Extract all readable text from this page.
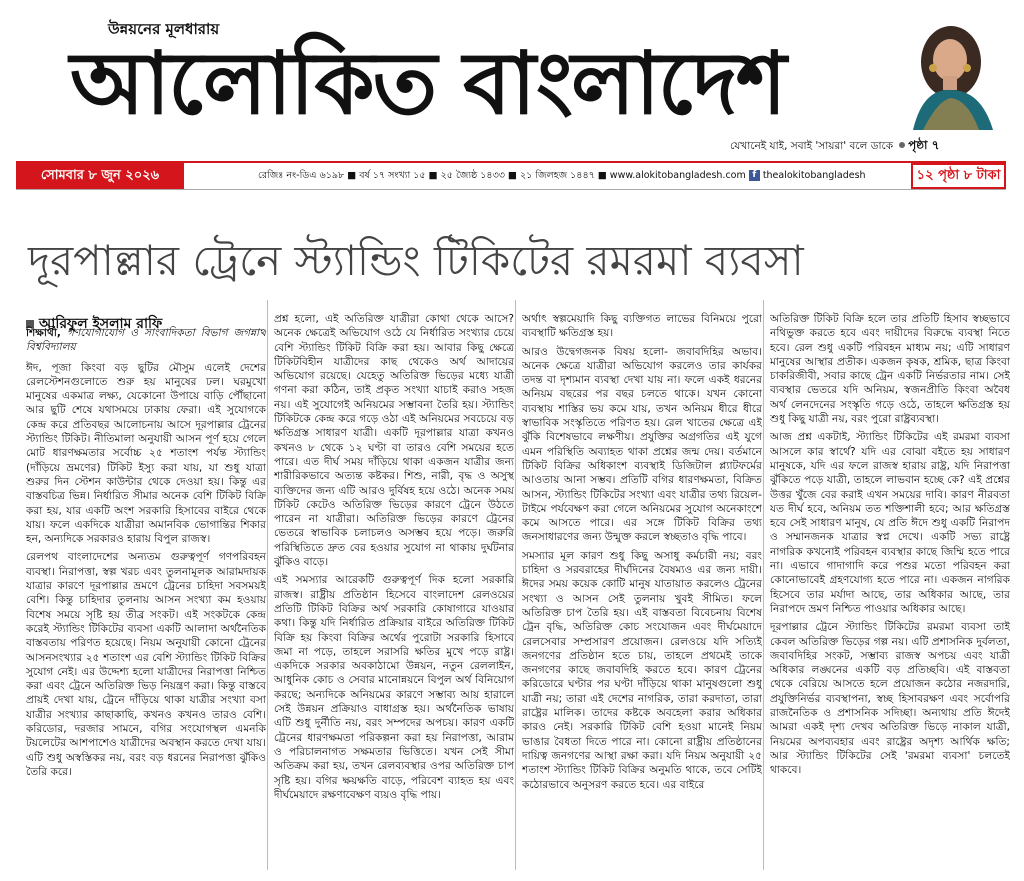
উন্নয়নের মূলধারায়
আলোকিত বাংলাদেশ
যেখানেই যাই, সবাই 'সায়রা' বলে ডাকে পৃষ্ঠা ৭
সোমবার ৮ জুন ২০২৬	রেজিঃ নং-ডিএ ৬১৯৮ ■ বর্ষ ১৭ সংখ্যা ১৫ ■ ২৫ জ্যৈষ্ঠ ১৪৩৩ ■ ২১ জিলহজ ১৪৪৭ ■ www.alokitobangladesh.com f thealokitobangladesh	১২ পৃষ্ঠা ৮ টাকা
দূরপাল্লার ট্রেনে স্ট্যান্ডিং টিকিটের রমরমা ব্যবসা
আরিফুল ইসলাম রাফি

শিক্ষার্থী, গণযোগাযোগ ও সাংবাদিকতা বিভাগ জগন্নাথ বিশ্ববিদ্যালয়

ঈদ, পূজা কিংবা বড় ছুটির মৌসুম এলেই দেশের রেলস্টেশনগুলোতে শুরু হয় মানুষের ঢল। ঘরমুখো মানুষের একমাত্র লক্ষ্য, যেকোনো উপায়ে বাড়ি পৌঁছানো আর ছুটি শেষে যথাসময়ে ঢাকায় ফেরা। এই সুযোগকে কেন্দ্র করে প্রতিবছর আলোচনায় আসে দূরপাল্লার ট্রেনের স্ট্যান্ডিং টিকিট। নীতিমালা অনুযায়ী আসন পূর্ণ হয়ে গেলে মোট ধারণক্ষমতার সর্বোচ্চ ২৫ শতাংশ পর্যন্ত স্ট্যান্ডিং (দাঁড়িয়ে ভ্রমণের) টিকিট ইস্যু করা যায়, যা শুধু যাত্রা শুরুর দিন স্টেশন কাউন্টার থেকে দেওয়া হয়। কিন্তু এর বাস্তবচিত্র ভিন্ন। নির্ধারিত সীমার অনেক বেশি টিকিট বিক্রি করা হয়, যার একটি অংশ সরকারি হিসাবের বাইরে থেকে যায়। ফলে একদিকে যাত্রীরা অমানবিক ভোগান্তির শিকার হন, অন্যদিকে সরকারও হারায় বিপুল রাজস্ব।

রেলপথ বাংলাদেশের অন্যতম গুরুত্বপূর্ণ গণপরিবহন ব্যবস্থা। নিরাপত্তা, স্বল্প খরচ এবং তুলনামূলক আরামদায়ক যাত্রার কারণে দূরপাল্লার ভ্রমণে ট্রেনের চাহিদা সবসময়ই বেশি। কিন্তু চাহিদার তুলনায় আসন সংখ্যা কম হওয়ায় বিশেষ সময়ে সৃষ্টি হয় তীব্র সংকট। এই সংকটকে কেন্দ্র করেই স্ট্যান্ডিং টিকিটের ব্যবসা একটি আলাদা অর্থনৈতিক বাস্তবতায় পরিণত হয়েছে। নিয়ম অনুযায়ী কোনো ট্রেনের আসনসংখ্যার ২৫ শতাংশ এর বেশি স্ট্যান্ডিং টিকিট বিক্রির সুযোগ নেই। এর উদ্দেশ্য হলো যাত্রীদের নিরাপত্তা নিশ্চিত করা এবং ট্রেনে অতিরিক্ত ভিড় নিয়ন্ত্রণ করা। কিন্তু বাস্তবে প্রায়ই দেখা যায়, ট্রেনে দাঁড়িয়ে থাকা যাত্রীর সংখ্যা বসা যাত্রীর সংখ্যার কাছাকাছি, কখনও কখনও তারও বেশি। করিডোর, দরজার সামনে, বগির সংযোগস্থল এমনকি টয়লেটের আশপাশেও যাত্রীদের অবস্থান করতে দেখা যায়। এটি শুধু অস্বস্তিকর নয়, বরং বড় ধরনের নিরাপত্তা ঝুঁকিও তৈরি করে।

প্রশ্ন হলো, এই অতিরিক্ত যাত্রীরা কোথা থেকে আসে? অনেক ক্ষেত্রেই অভিযোগ ওঠে যে নির্ধারিত সংখ্যার চেয়ে বেশি স্ট্যান্ডিং টিকিট বিক্রি করা হয়। আবার কিছু ক্ষেত্রে টিকিটবিহীন যাত্রীদের কাছ থেকেও অর্থ আদায়ের অভিযোগ রয়েছে। যেহেতু অতিরিক্ত ভিড়ের মধ্যে যাত্রী গণনা করা কঠিন, তাই প্রকৃত সংখ্যা যাচাই করাও সহজ নয়। এই সুযোগেই অনিয়মের সম্ভাবনা তৈরি হয়। স্ট্যান্ডিং টিকিটকে কেন্দ্র করে গড়ে ওঠা এই অনিয়মের সবচেয়ে বড় ক্ষতিগ্রস্ত সাধারণ যাত্রী। একটি দূরপাল্লার যাত্রা কখনও কখনও ৮ থেকে ১২ ঘণ্টা বা তারও বেশি সময়ের হতে পারে। এত দীর্ঘ সময় দাঁড়িয়ে থাকা একজন যাত্রীর জন্য শারীরিকভাবে অত্যন্ত কষ্টকর। শিশু, নারী, বৃদ্ধ ও অসুস্থ ব্যক্তিদের জন্য এটি আরও দুর্বিষহ হয়ে ওঠে। অনেক সময় টিকিট কেটেও অতিরিক্ত ভিড়ের কারণে ট্রেনে উঠতে পারেন না যাত্রীরা। অতিরিক্ত ভিড়ের কারণে ট্রেনের ভেতরে স্বাভাবিক চলাচলও অসম্ভব হয়ে পড়ে। জরুরি পরিস্থিতিতে দ্রুত বের হওয়ার সুযোগ না থাকায় দুর্ঘটনার ঝুঁকিও বাড়ে।

এই সমস্যার আরেকটি গুরুত্বপূর্ণ দিক হলো সরকারি রাজস্ব। রাষ্ট্রীয় প্রতিষ্ঠান হিসেবে বাংলাদেশ রেলওয়ের প্রতিটি টিকিট বিক্রির অর্থ সরকারি কোষাগারে যাওয়ার কথা। কিন্তু যদি নির্ধারিত প্রক্রিয়ার বাইরে অতিরিক্ত টিকিট বিক্রি হয় কিংবা বিক্রির অর্থের পুরোটা সরকারি হিসাবে জমা না পড়ে, তাহলে সরাসরি ক্ষতির মুখে পড়ে রাষ্ট্র। একদিকে সরকার অবকাঠামো উন্নয়ন, নতুন রেললাইন, আধুনিক কোচ ও সেবার মানোন্নয়নে বিপুল অর্থ বিনিয়োগ করছে; অন্যদিকে অনিয়মের কারণে সম্ভাব্য আয় হারালে সেই উন্নয়ন প্রক্রিয়াও বাধাগ্রস্ত হয়। অর্থনৈতিক ভাষায় এটি শুধু দুর্নীতি নয়, বরং সম্পদের অপচয়। কারণ একটি ট্রেনের ধারণক্ষমতা পরিকল্পনা করা হয় নিরাপত্তা, আরাম ও পরিচালনাগত সক্ষমতার ভিত্তিতে। যখন সেই সীমা অতিক্রম করা হয়, তখন রেলব্যবস্থার ওপর অতিরিক্ত চাপ সৃষ্টি হয়। বগির ক্ষয়ক্ষতি বাড়ে, পরিবেশ ব্যাহত হয় এবং দীর্ঘমেয়াদে রক্ষণাবেক্ষণ ব্যয়ও বৃদ্ধি পায়।

অর্থাৎ স্বল্পমেয়াদি কিছু ব্যক্তিগত লাভের বিনিময়ে পুরো ব্যবস্থাটি ক্ষতিগ্রস্ত হয়।

আরও উদ্বেগজনক বিষয় হলো- জবাবদিহির অভাব। অনেক ক্ষেত্রে যাত্রীরা অভিযোগ করলেও তার কার্যকর তদন্ত বা দৃশ্যমান ব্যবস্থা দেখা যায় না। ফলে একই ধরনের অনিয়ম বছরের পর বছর চলতে থাকে। যখন কোনো ব্যবস্থায় শাস্তির ভয় কমে যায়, তখন অনিয়ম ধীরে ধীরে স্বাভাবিক সংস্কৃতিতে পরিণত হয়। রেল খাতের ক্ষেত্রে এই ঝুঁকি বিশেষভাবে লক্ষণীয়। প্রযুক্তির অগ্রগতির এই যুগে এমন পরিস্থিতি অব্যাহত থাকা প্রশ্নের জন্ম দেয়। বর্তমানে টিকিট বিক্রির অধিকাংশ ব্যবস্থাই ডিজিটাল প্ল্যাটফর্মের আওতায় আনা সম্ভব। প্রতিটি বগির ধারণক্ষমতা, বিক্রিত আসন, স্ট্যান্ডিং টিকিটের সংখ্যা এবং যাত্রীর তথ্য রিয়েল-টাইমে পর্যবেক্ষণ করা গেলে অনিয়মের সুযোগ অনেকাংশে কমে আসতে পারে। এর সঙ্গে টিকিট বিক্রির তথ্য জনসাধারণের জন্য উন্মুক্ত করলে স্বচ্ছতাও বৃদ্ধি পাবে।

সমস্যার মূল কারণ শুধু কিছু অসাধু কর্মচারী নয়; বরং চাহিদা ও সরবরাহের দীর্ঘদিনের বৈষম্যও এর জন্য দায়ী। ঈদের সময় কয়েক কোটি মানুষ যাতায়াত করলেও ট্রেনের সংখ্যা ও আসন সেই তুলনায় খুবই সীমিত। ফলে অতিরিক্ত চাপ তৈরি হয়। এই বাস্তবতা বিবেচনায় বিশেষ ট্রেন বৃদ্ধি, অতিরিক্ত কোচ সংযোজন এবং দীর্ঘমেয়াদে রেলসেবার সম্প্রসারণ প্রয়োজন। রেলওয়ে যদি সত্যিই জনগণের প্রতিষ্ঠান হতে চায়, তাহলে প্রথমেই তাকে জনগণের কাছে জবাবদিহি করতে হবে। কারণ ট্রেনের করিডোরে ঘণ্টার পর ঘণ্টা দাঁড়িয়ে থাকা মানুষগুলো শুধু যাত্রী নয়; তারা এই দেশের নাগরিক, তারা করদাতা, তারা রাষ্ট্রের মালিক। তাদের কষ্টকে অবহেলা করার অধিকার কারও নেই। সরকারি টিকিট বেশি হওয়া মানেই নিয়ম ভাঙার বৈধতা দিতে পারে না। কোনো রাষ্ট্রীয় প্রতিষ্ঠানের দায়িত্ব জনগণের আস্থা রক্ষা করা। যদি নিয়ম অনুযায়ী ২৫ শতাংশ স্ট্যান্ডিং টিকিট বিক্রির অনুমতি থাকে, তবে সেটিই কঠোরভাবে অনুসরণ করতে হবে। এর বাইরে

অতিরিক্ত টিকিট বিক্রি হলে তার প্রতিটি হিসাব স্বচ্ছভাবে নথিভুক্ত করতে হবে এবং দায়ীদের বিরুদ্ধে ব্যবস্থা নিতে হবে। রেল শুধু একটি পরিবহন মাধ্যম নয়; এটি সাধারণ মানুষের আস্থার প্রতীক। একজন কৃষক, শ্রমিক, ছাত্র কিংবা চাকরিজীবী, সবার কাছে ট্রেন একটি নির্ভরতার নাম। সেই ব্যবস্থার ভেতরে যদি অনিয়ম, স্বজনপ্রীতি কিংবা অবৈধ অর্থ লেনদেনের সংস্কৃতি গড়ে ওঠে, তাহলে ক্ষতিগ্রস্ত হয় শুধু কিছু যাত্রী নয়, বরং পুরো রাষ্ট্রব্যবস্থা।

আজ প্রশ্ন একটাই, স্ট্যান্ডিং টিকিটের এই রমরমা ব্যবসা আসলে কার স্বার্থে? যদি এর বোঝা বইতে হয় সাধারণ মানুষকে, যদি এর ফলে রাজস্ব হারায় রাষ্ট্র, যদি নিরাপত্তা ঝুঁকিতে পড়ে যাত্রী, তাহলে লাভবান হচ্ছে কে? এই প্রশ্নের উত্তর খুঁজে বের করাই এখন সময়ের দাবি। কারণ নীরবতা যত দীর্ঘ হবে, অনিয়ম তত শক্তিশালী হবে; আর ক্ষতিগ্রস্ত হবে সেই সাধারণ মানুষ, যে প্রতি ঈদে শুধু একটি নিরাপদ ও সম্মানজনক যাত্রার স্বপ্ন দেখে। একটি সভ্য রাষ্ট্রে নাগরিক কখনোই পরিবহন ব্যবস্থার কাছে জিম্মি হতে পারে না। এভাবে গাদাগাদি করে পশুর মতো পরিবহন করা কোনোভাবেই গ্রহণযোগ্য হতে পারে না। একজন নাগরিক হিসেবে তার মর্যাদা আছে, তার অধিকার আছে, তার নিরাপদে ভ্রমণ নিশ্চিত পাওয়ার অধিকার আছে।

দূরপাল্লার ট্রেনে স্ট্যান্ডিং টিকিটের রমরমা ব্যবসা তাই কেবল অতিরিক্ত ভিড়ের গল্প নয়। এটি প্রশাসনিক দুর্বলতা, জবাবদিহির সংকট, সম্ভাব্য রাজস্ব অপচয় এবং যাত্রী অধিকার লঙ্ঘনের একটি বড় প্রতিচ্ছবি। এই বাস্তবতা থেকে বেরিয়ে আসতে হলে প্রয়োজন কঠোর নজরদারি, প্রযুক্তিনির্ভর ব্যবস্থাপনা, স্বচ্ছ হিসাবরক্ষণ এবং সর্বোপরি রাজনৈতিক ও প্রশাসনিক সদিচ্ছা। অন্যথায় প্রতি ঈদেই আমরা একই দৃশ্য দেখব অতিরিক্ত ভিড়ে নাকাল যাত্রী, নিয়মের অপব্যবহার এবং রাষ্ট্রের অদৃশ্য আর্থিক ক্ষতি; আর স্ট্যান্ডিং টিকিটের সেই 'রমরমা ব্যবসা' চলতেই থাকবে।
